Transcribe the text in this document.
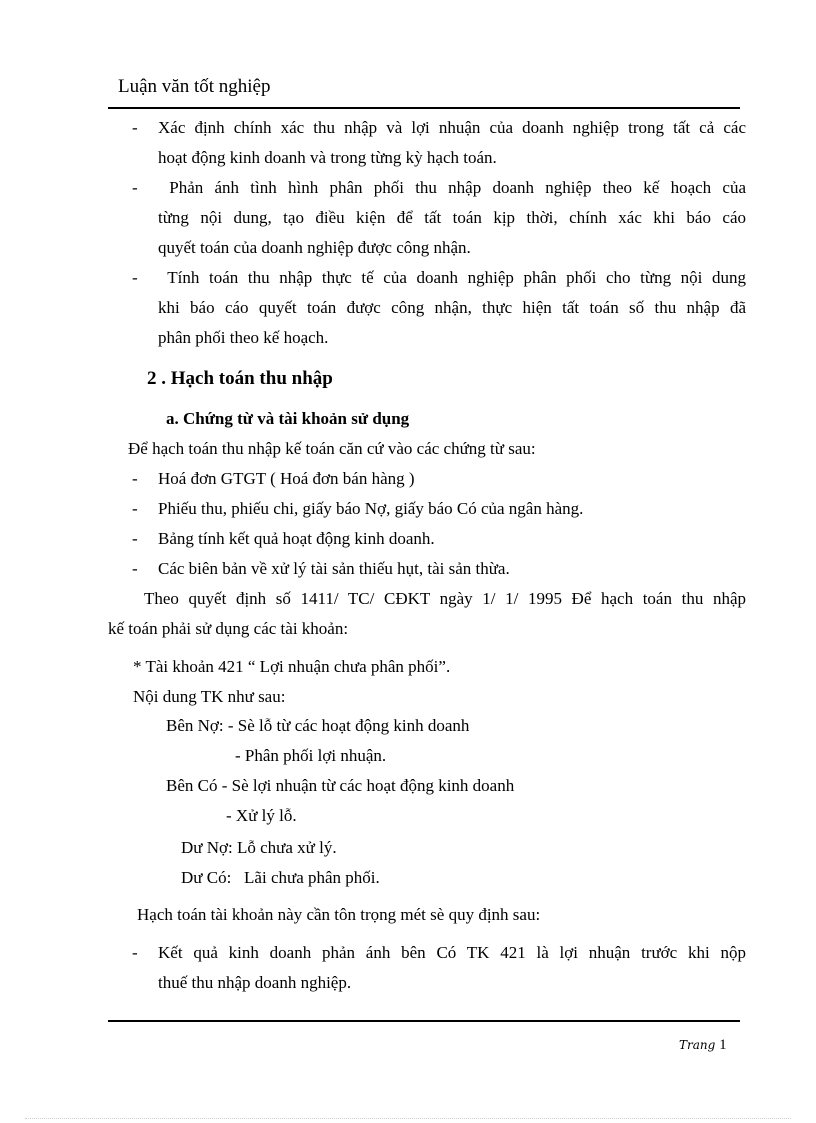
Luận văn tốt nghiệp
- Xác định chính xác thu nhập và lợi nhuận của doanh nghiệp trong tất cả các
hoạt động kinh doanh và trong từng kỳ hạch toán.
- Phản ánh tình hình phân phối thu nhập doanh nghiệp theo kế hoạch của
từng nội dung, tạo điều kiện để tất toán kịp thời, chính xác khi báo cáo
quyết toán của doanh nghiệp được công nhận.
- Tính toán thu nhập thực tế của doanh nghiệp phân phối cho từng nội dung
khi báo cáo quyết toán được công nhận, thực hiện tất toán số thu nhập đã
phân phối theo kế hoạch.
2 . Hạch toán thu nhập
a. Chứng từ và tài khoản sử dụng
Để hạch toán thu nhập kế toán căn cứ vào các chứng từ sau:
- Hoá đơn GTGT ( Hoá đơn bán hàng )
- Phiếu thu, phiếu chi, giấy báo Nợ, giấy báo Có của ngân hàng.
- Bảng tính kết quả hoạt động kinh doanh.
- Các biên bản về xử lý tài sản thiếu hụt, tài sản thừa.
Theo quyết định số 1411/ TC/ CĐKT ngày 1/ 1/ 1995 Để hạch toán thu nhập
kế toán phải sử dụng các tài khoản:
* Tài khoản 421 “ Lợi nhuận chưa phân phối”.
Nội dung TK như sau:
Bên Nợ: - Sè lỗ từ các hoạt động kinh doanh
- Phân phối lợi nhuận.
Bên Có - Sè lợi nhuận từ các hoạt động kinh doanh
- Xử lý lỗ.
Dư Nợ: Lỗ chưa xử lý.
Dư Có:   Lãi chưa phân phối.
Hạch toán tài khoản này cần tôn trọng mét sè quy định sau:
- Kết quả kinh doanh phản ánh bên Có TK 421 là lợi nhuận trước khi nộp
thuế thu nhập doanh nghiệp.
Trang 1
